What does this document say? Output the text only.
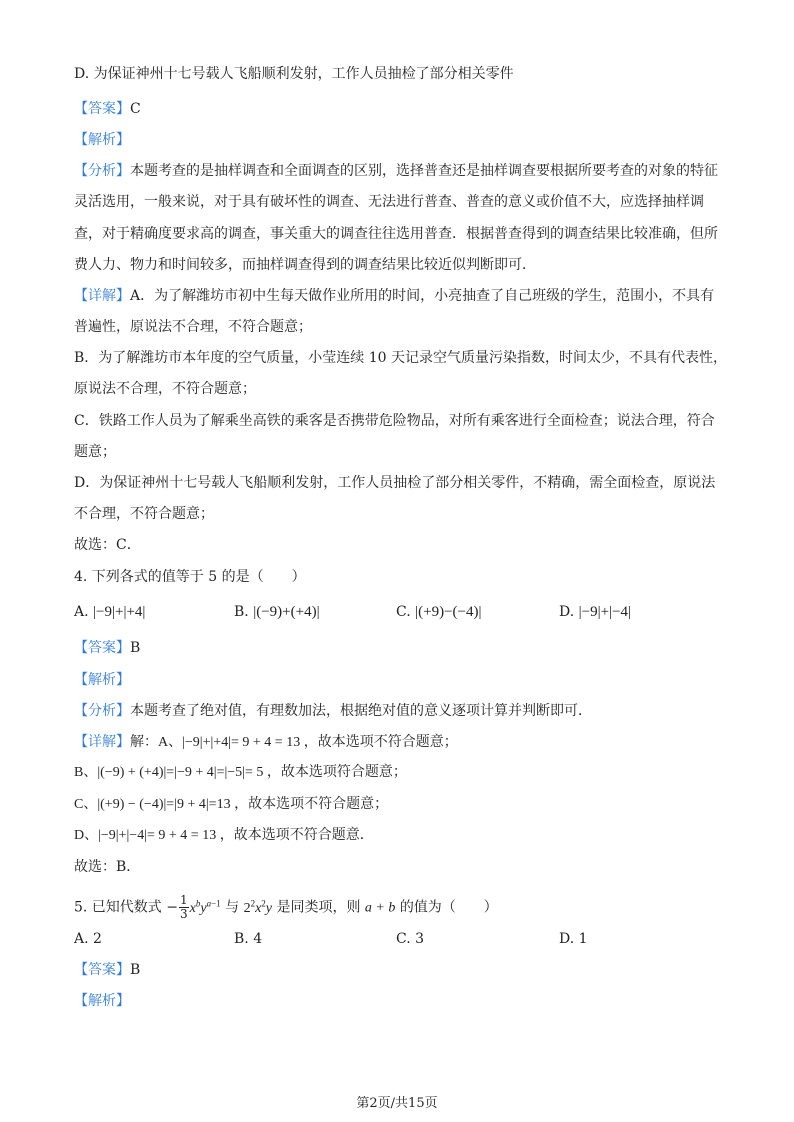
D. 为保证神州十七号载人飞船顺利发射，工作人员抽检了部分相关零件
【答案】C
【解析】
【分析】本题考查的是抽样调查和全面调查的区别，选择普查还是抽样调查要根据所要考查的对象的特征
灵活选用，一般来说，对于具有破坏性的调查、无法进行普查、普查的意义或价值不大，应选择抽样调
查，对于精确度要求高的调查，事关重大的调查往往选用普查．根据普查得到的调查结果比较准确，但所
费人力、物力和时间较多，而抽样调查得到的调查结果比较近似判断即可．
【详解】A．为了解潍坊市初中生每天做作业所用的时间，小亮抽查了自己班级的学生，范围小，不具有
普遍性，原说法不合理，不符合题意；
B．为了解潍坊市本年度的空气质量，小莹连续 10 天记录空气质量污染指数，时间太少，不具有代表性，
原说法不合理，不符合题意；
C．铁路工作人员为了解乘坐高铁的乘客是否携带危险物品，对所有乘客进行全面检查；说法合理，符合
题意；
D．为保证神州十七号载人飞船顺利发射，工作人员抽检了部分相关零件，不精确，需全面检查，原说法
不合理，不符合题意；
故选：C．
4. 下列各式的值等于 5 的是（　　）
A. |−9|+|+4|	B. |(−9)+(+4)|	C. |(+9)−(−4)|	D. |−9|+|−4|
【答案】B
【解析】
【分析】本题考查了绝对值，有理数加法，根据绝对值的意义逐项计算并判断即可．
【详解】解：A、|−9|+|+4|= 9 + 4 = 13 ，故本选项不符合题意；
B、|(−9) + (+4)|=|−9 + 4|=|−5|= 5 ，故本选项符合题意；
C、|(+9) − (−4)|=|9 + 4|=13 ，故本选项不符合题意；
D、|−9|+|−4|= 9 + 4 = 13 ，故本选项不符合题意．
故选：B．
5. 已知代数式 − $\frac{1}{3} x^by^{a-1}$ 与 $2^2x^2y$ 是同类项，则 a + b 的值为（　　）
A. 2	B. 4	C. 3	D. 1
【答案】B
【解析】
第2页/共15页
